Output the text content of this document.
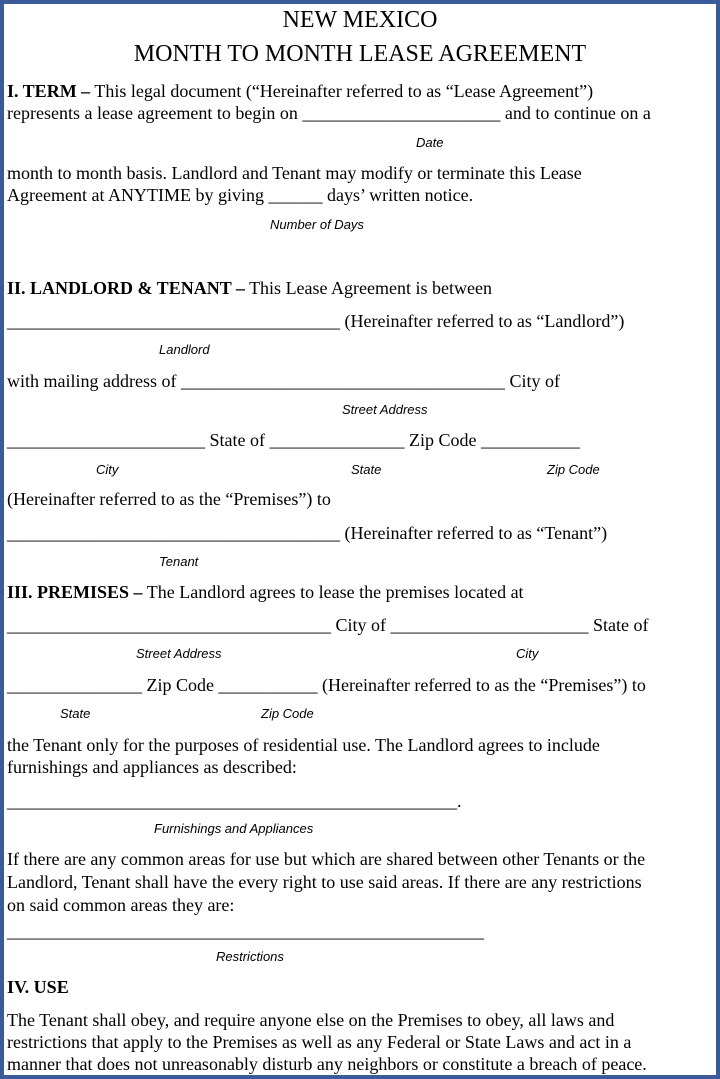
NEW MEXICO
MONTH TO MONTH LEASE AGREEMENT
I. TERM – This legal document (“Hereinafter referred to as “Lease Agreement”)
represents a lease agreement to begin on ______________________ and to continue on a
Date
month to month basis. Landlord and Tenant may modify or terminate this Lease
Agreement at ANYTIME by giving ______ days’ written notice.
Number of Days
II. LANDLORD & TENANT – This Lease Agreement is between
_____________________________________ (Hereinafter referred to as “Landlord”)
Landlord
with mailing address of ____________________________________ City of
Street Address
______________________ State of _______________ Zip Code ___________
City	State	Zip Code
(Hereinafter referred to as the “Premises”) to
_____________________________________ (Hereinafter referred to as “Tenant”)
Tenant
III. PREMISES – The Landlord agrees to lease the premises located at
____________________________________ City of ______________________ State of
Street Address	City
_______________ Zip Code ___________ (Hereinafter referred to as the “Premises”) to
State	Zip Code
the Tenant only for the purposes of residential use. The Landlord agrees to include
furnishings and appliances as described:
__________________________________________________.
Furnishings and Appliances
If there are any common areas for use but which are shared between other Tenants or the
Landlord, Tenant shall have the every right to use said areas. If there are any restrictions
on said common areas they are:
_____________________________________________________
Restrictions
IV. USE
The Tenant shall obey, and require anyone else on the Premises to obey, all laws and
restrictions that apply to the Premises as well as any Federal or State Laws and act in a
manner that does not unreasonably disturb any neighbors or constitute a breach of peace.
